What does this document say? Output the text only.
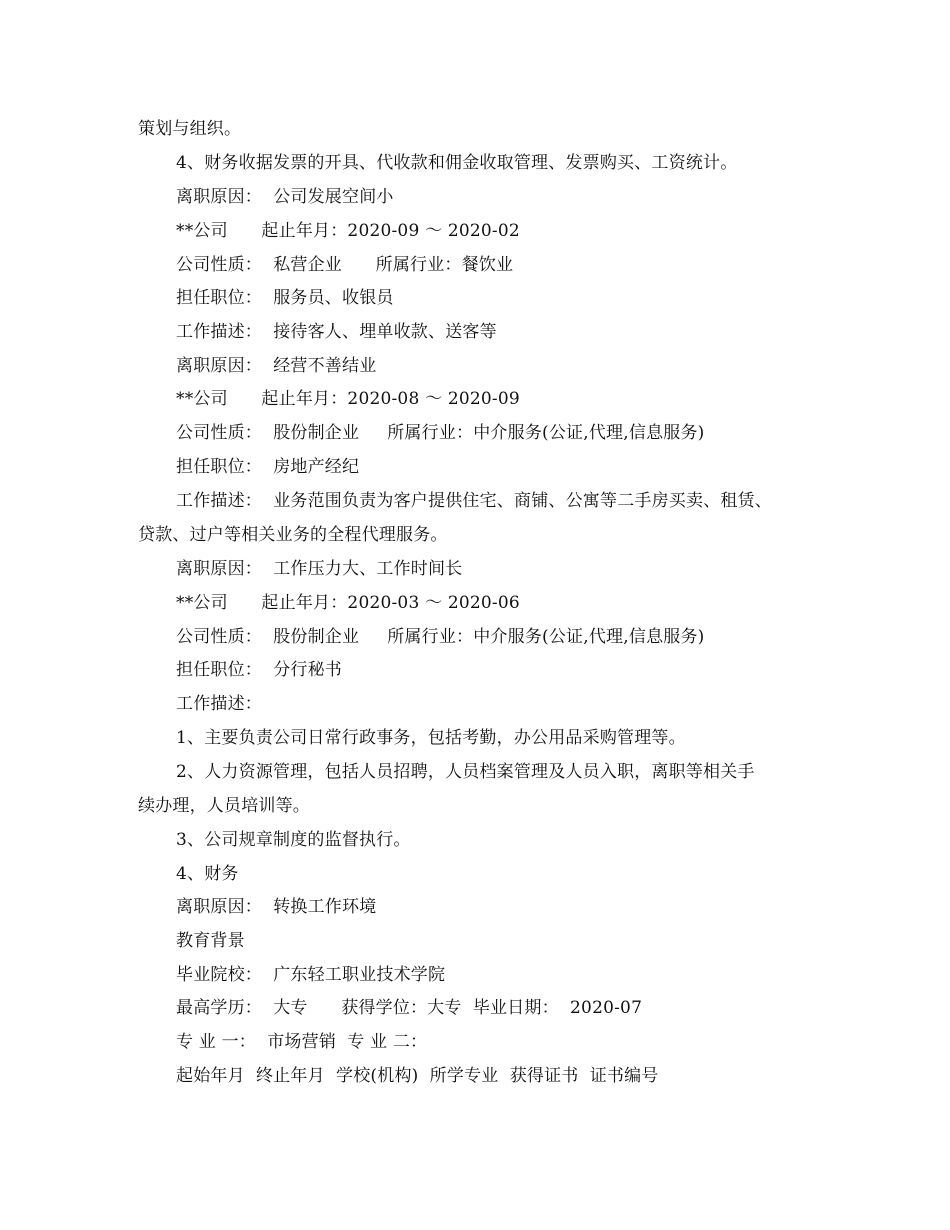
策划与组织。
4、财务收据发票的开具、代收款和佣金收取管理、发票购买、工资统计。
离职原因：  公司发展空间小
**公司      起止年月：2020-09 ～ 2020-02
公司性质：  私营企业      所属行业：餐饮业
担任职位：  服务员、收银员
工作描述：  接待客人、埋单收款、送客等
离职原因：  经营不善结业
**公司      起止年月：2020-08 ～ 2020-09
公司性质：  股份制企业     所属行业：中介服务(公证,代理,信息服务)
担任职位：  房地产经纪
工作描述：  业务范围负责为客户提供住宅、商铺、公寓等二手房买卖、租赁、
贷款、过户等相关业务的全程代理服务。
离职原因：  工作压力大、工作时间长
**公司      起止年月：2020-03 ～ 2020-06
公司性质：  股份制企业     所属行业：中介服务(公证,代理,信息服务)
担任职位：  分行秘书
工作描述：
1、主要负责公司日常行政事务，包括考勤，办公用品采购管理等。
2、人力资源管理，包括人员招聘，人员档案管理及人员入职，离职等相关手
续办理，人员培训等。
3、公司规章制度的监督执行。
4、财务
离职原因：  转换工作环境
教育背景
毕业院校：  广东轻工职业技术学院
最高学历：  大专      获得学位：大专  毕业日期：  2020-07
专 业 一：  市场营销  专 业 二：
起始年月  终止年月  学校(机构)  所学专业  获得证书  证书编号
